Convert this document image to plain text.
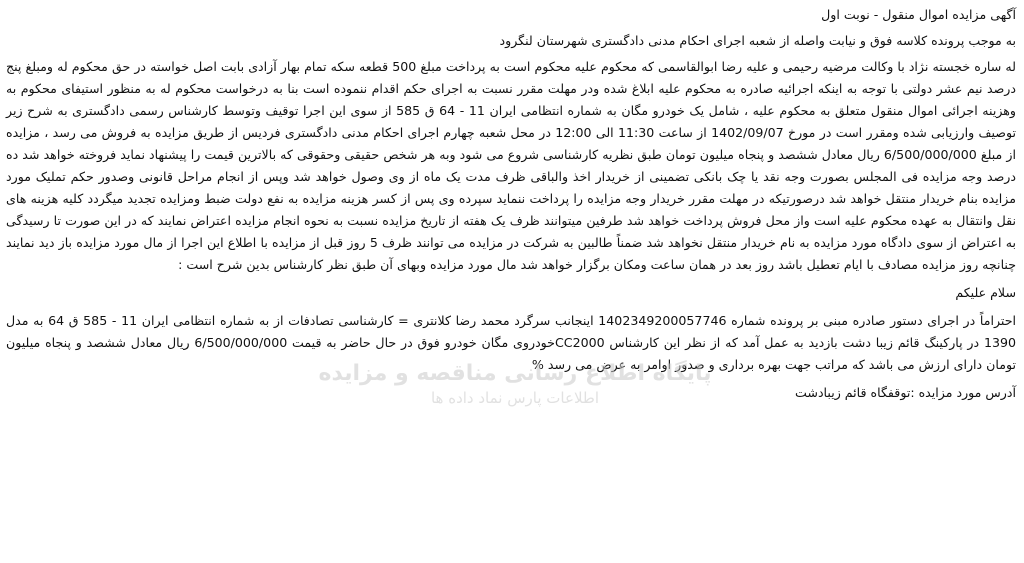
آگهی مزایده اموال منقول - نوبت اول
به موجب پرونده کلاسه فوق و نیابت واصله از شعبه اجرای احکام مدنی دادگستری شهرستان لنگرود

له ساره خجسته نژاد با وکالت مرضیه رحیمی و علیه رضا ابوالقاسمی که محکوم علیه محکوم است به پرداخت مبلغ 500 قطعه سکه تمام بهار آزادی بابت اصل خواسته در حق محکوم له ومبلغ پنج درصد نیم عشر دولتی با توجه به اینکه اجرائیه صادره به محکوم علیه ابلاغ شده ودر مهلت مقرر نسبت به اجرای حکم اقدام ننموده است بنا به درخواست محکوم له به منظور استیفای محکوم به وهزینه اجرائی اموال منقول متعلق به محکوم علیه ، شامل یک خودرو مگان به شماره انتظامی ایران 11 - 64 ق 585 از سوی این اجرا توقیف وتوسط کارشناس رسمی دادگستری به شرح زیر توصیف وارزیابی شده ومقرر است در مورخ 1402/09/07 از ساعت 11:30 الی 12:00 در محل شعبه چهارم اجرای احکام مدنی دادگستری فردیس از طریق مزایده به فروش می رسد ، مزایده از مبلغ 6/500/000/000 ریال معادل ششصد و پنجاه میلیون تومان طبق نظریه کارشناسی شروع می شود وبه هر شخص حقیقی وحقوقی که بالاترین قیمت را پیشنهاد نماید فروخته خواهد شد ده درصد وجه مزایده فی المجلس بصورت وجه نقد یا چک بانکی تضمینی از خریدار اخذ والباقی ظرف مدت یک ماه از وی وصول خواهد شد وپس از انجام مراحل قانونی وصدور حکم تملیک مورد مزایده بنام خریدار منتقل خواهد شد درصورتیکه در مهلت مقرر خریدار وجه مزایده را پرداخت ننماید سپرده وی پس از کسر هزینه مزایده به نفع دولت ضبط ومزایده تجدید میگردد کلیه هزینه های نقل وانتقال به عهده محکوم علیه است واز محل فروش پرداخت خواهد شد طرفین میتوانند ظرف یک هفته از تاریخ مزایده نسبت به نحوه انجام مزایده اعتراض نمایند که در این صورت تا رسیدگی به اعتراض از سوی دادگاه مورد مزایده به نام خریدار منتقل نخواهد شد ضمناً طالبین به شرکت در مزایده می توانند ظرف 5 روز قبل از مزایده با اطلاع این اجرا از مال مورد مزایده باز دید نمایند چنانچه روز مزایده مصادف با ایام تعطیل باشد روز بعد در همان ساعت ومکان برگزار خواهد شد مال مورد مزایده وبهای آن طبق نظر کارشناس بدین شرح است :

سلام علیکم

احتراماً در اجرای دستور صادره مبنی بر پرونده شماره 1402349200057746 اینجانب سرگرد محمد رضا کلانتری = کارشناسی تصادفات از به شماره انتظامی ایران 11 - 585 ق 64 به مدل 1390 در پارکینگ قائم زیبا دشت بازدید به عمل آمد که از نظر این کارشناس CC2000خودروی مگان خودرو فوق در حال حاضر به قیمت 6/500/000/000 ریال معادل ششصد و پنجاه میلیون تومان دارای ارزش می باشد که مراتب جهت بهره برداری و صدور اوامر به عرض می رسد %

آدرس مورد مزایده :توقفگاه قائم زیبادشت
پایگاه اطلاع رسانی مناقصه و مزایده
اطلاعات پارس نماد داده ها
